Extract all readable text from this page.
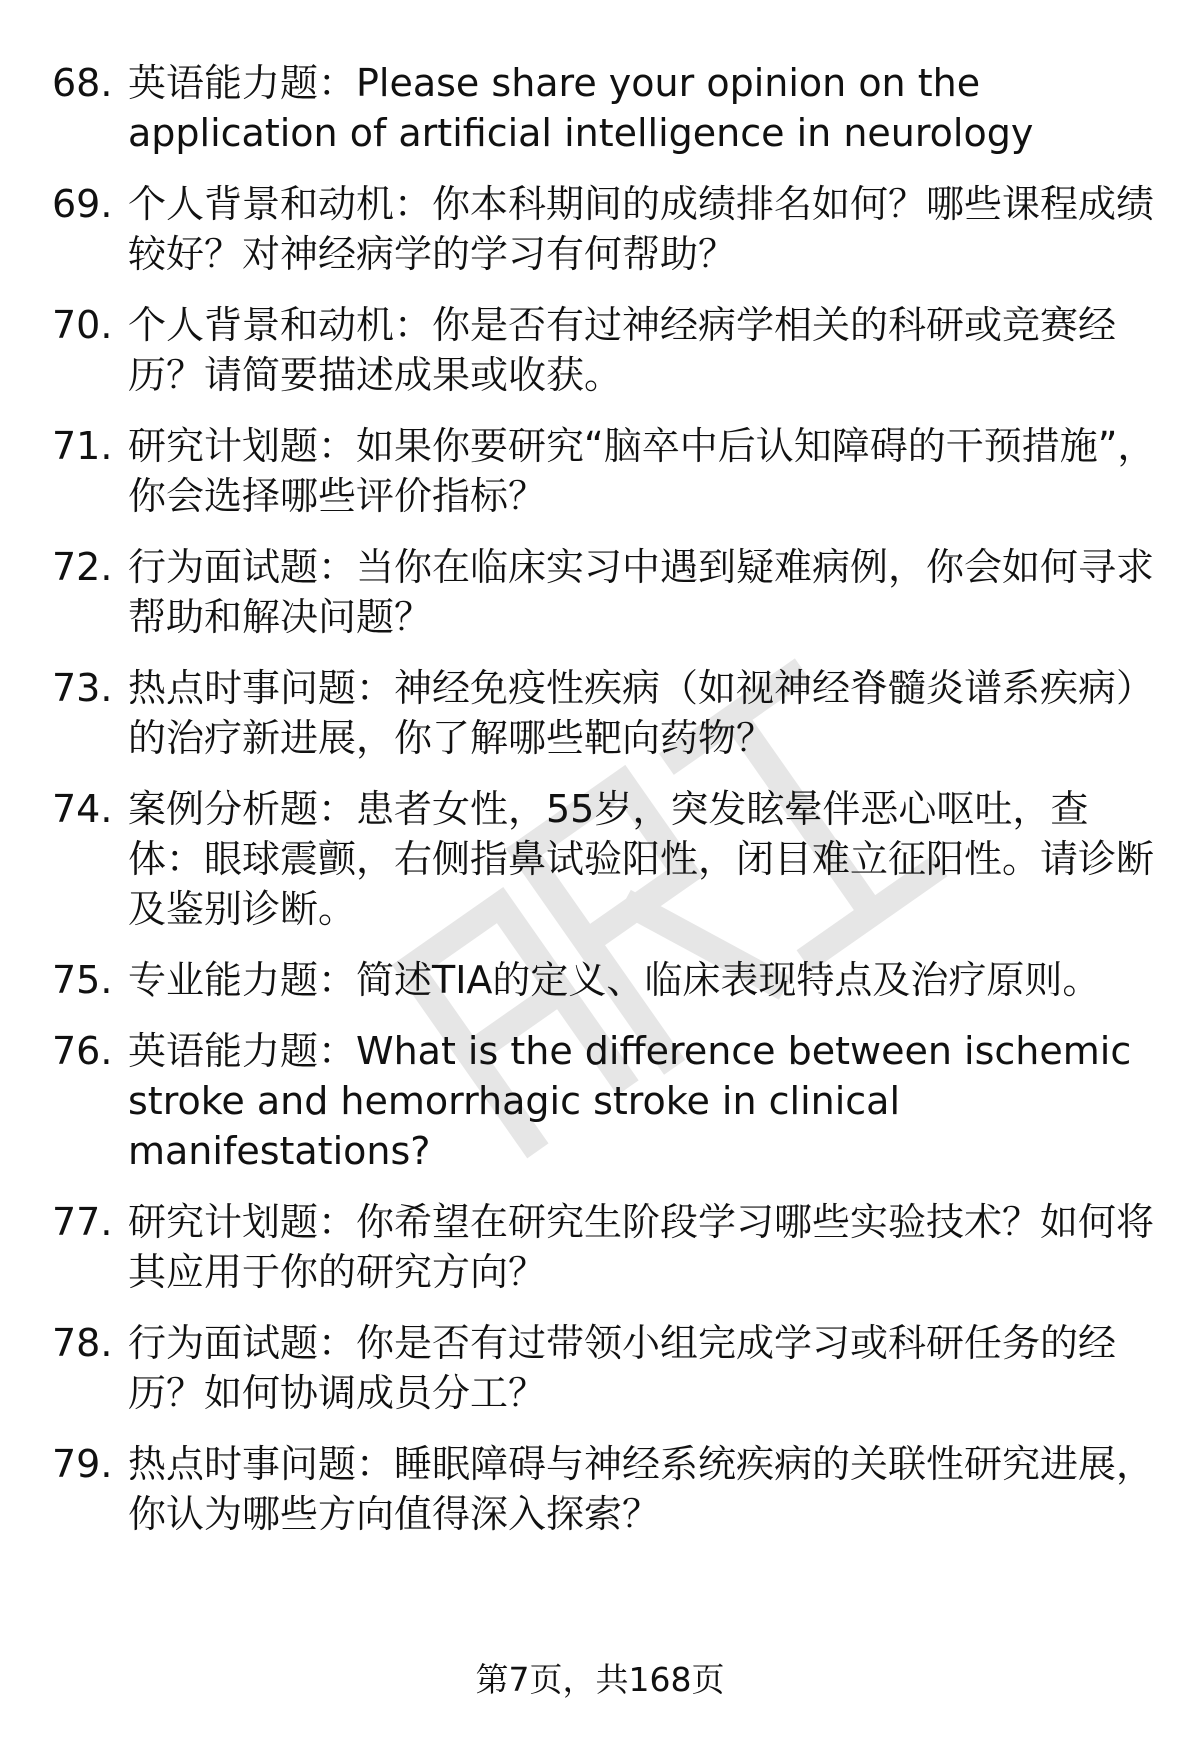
68. 英语能力题：Please share your opinion on the application of artificial intelligence in neurology
69. 个人背景和动机：你本科期间的成绩排名如何？哪些课程成绩较好？对神经病学的学习有何帮助？
70. 个人背景和动机：你是否有过神经病学相关的科研或竞赛经历？请简要描述成果或收获。
71. 研究计划题：如果你要研究“脑卒中后认知障碍的干预措施”，你会选择哪些评价指标？
72. 行为面试题：当你在临床实习中遇到疑难病例，你会如何寻求帮助和解决问题？
73. 热点时事问题：神经免疫性疾病（如视神经脊髓炎谱系疾病）的治疗新进展，你了解哪些靶向药物？
74. 案例分析题：患者女性，55岁，突发眩晕伴恶心呕吐，查体：眼球震颤，右侧指鼻试验阳性，闭目难立征阳性。请诊断及鉴别诊断。
75. 专业能力题：简述TIA的定义、临床表现特点及治疗原则。
76. 英语能力题：What is the difference between ischemic stroke and hemorrhagic stroke in clinical manifestations?
77. 研究计划题：你希望在研究生阶段学习哪些实验技术？如何将其应用于你的研究方向？
78. 行为面试题：你是否有过带领小组完成学习或科研任务的经历？如何协调成员分工？
79. 热点时事问题：睡眠障碍与神经系统疾病的关联性研究进展，你认为哪些方向值得深入探索？
第7页，共168页
